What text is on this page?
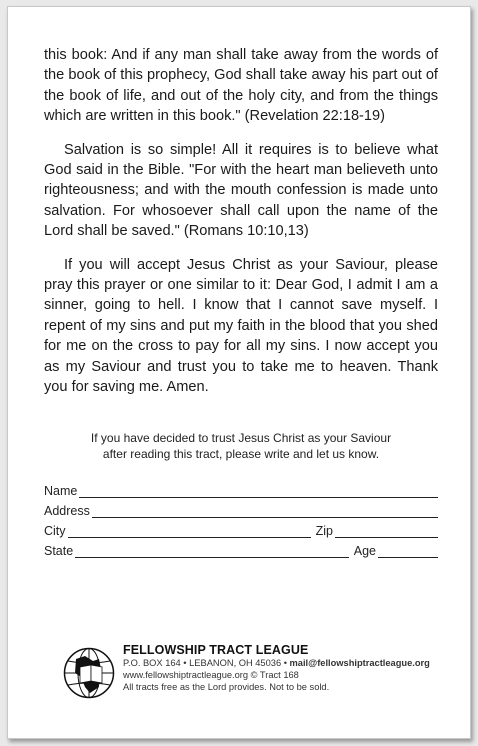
this book: And if any man shall take away from the words of the book of this prophecy, God shall take away his part out of the book of life, and out of the holy city, and from the things which are written in this book." (Revelation 22:18-19)

Salvation is so simple! All it requires is to believe what God said in the Bible. "For with the heart man believeth unto righteousness; and with the mouth confession is made unto salvation. For whosoever shall call upon the name of the Lord shall be saved." (Romans 10:10,13)

If you will accept Jesus Christ as your Saviour, please pray this prayer or one similar to it: Dear God, I admit I am a sinner, going to hell. I know that I cannot save myself. I repent of my sins and put my faith in the blood that you shed for me on the cross to pay for all my sins. I now accept you as my Saviour and trust you to take me to heaven. Thank you for saving me. Amen.

If you have decided to trust Jesus Christ as your Saviour
after reading this tract, please write and let us know.
Name
Address
City	Zip
State	Age
FELLOWSHIP TRACT LEAGUE
P.O. BOX 164 • LEBANON, OH 45036 • mail@fellowshiptractleague.org
www.fellowshiptractleague.org © Tract 168
All tracts free as the Lord provides. Not to be sold.
